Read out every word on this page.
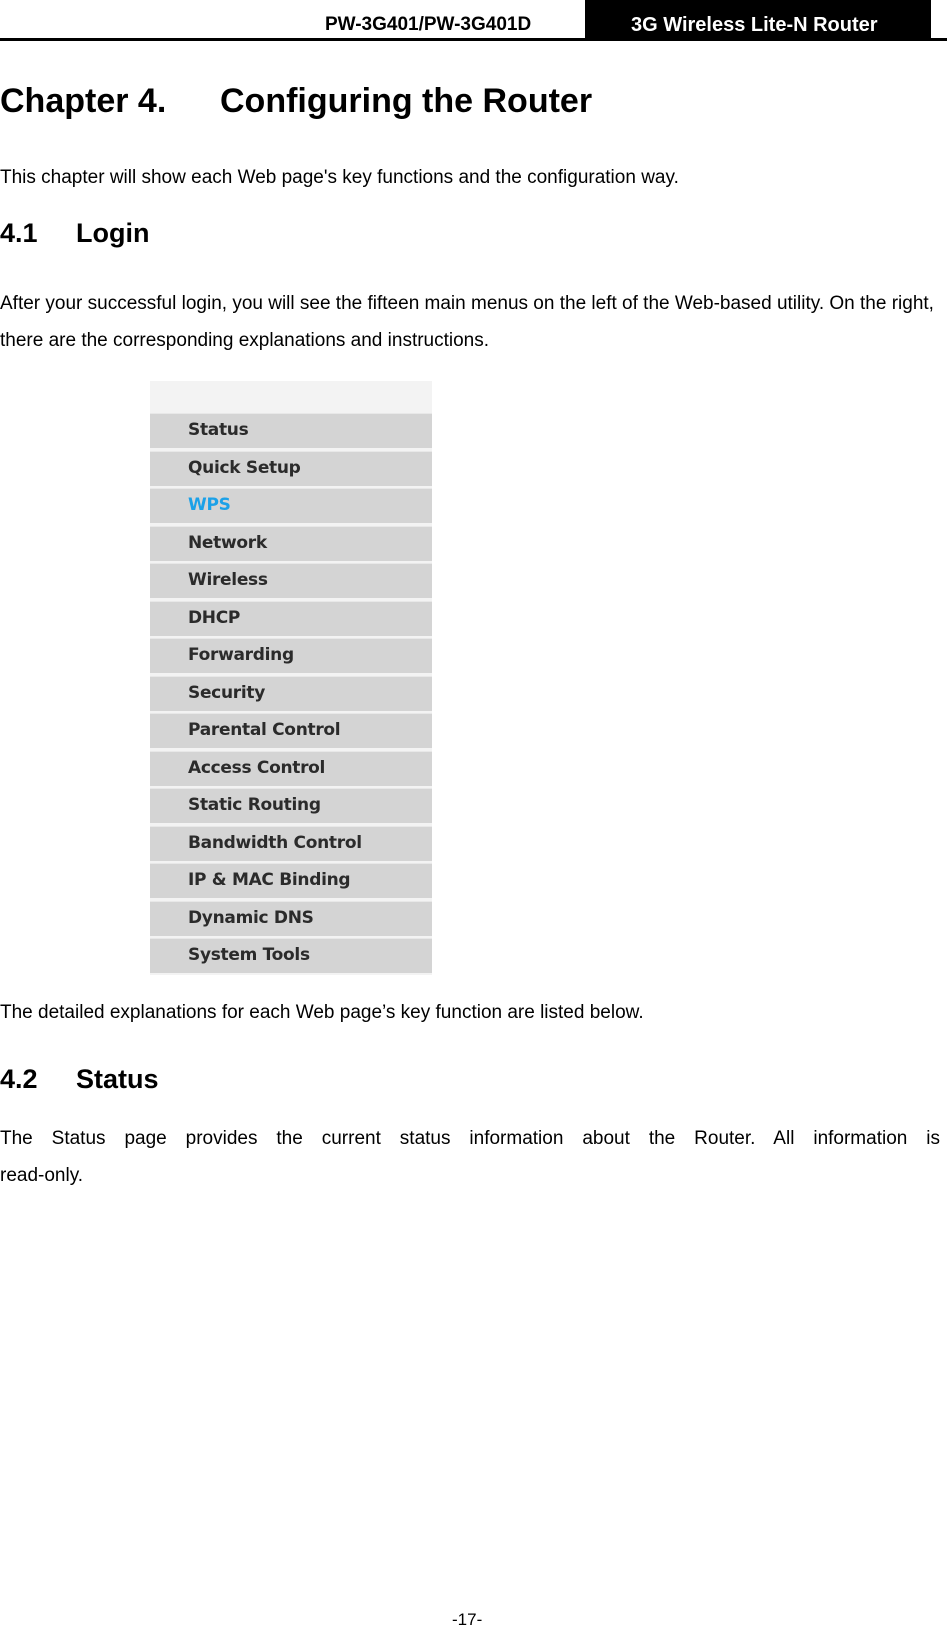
PW-3G401/PW-3G401D	3G Wireless Lite-N Router
Chapter 4. Configuring the Router

This chapter will show each Web page's key functions and the configuration way.

4.1 Login

After your successful login, you will see the fifteen main menus on the left of the Web-based utility. On the right, there are the corresponding explanations and instructions.

Status
Quick Setup
WPS
Network
Wireless
DHCP
Forwarding
Security
Parental Control
Access Control
Static Routing
Bandwidth Control
IP & MAC Binding
Dynamic DNS
System Tools

The detailed explanations for each Web page’s key function are listed below.

4.2 Status

The Status page provides the current status information about the Router. All information is
read-only.

-17-
